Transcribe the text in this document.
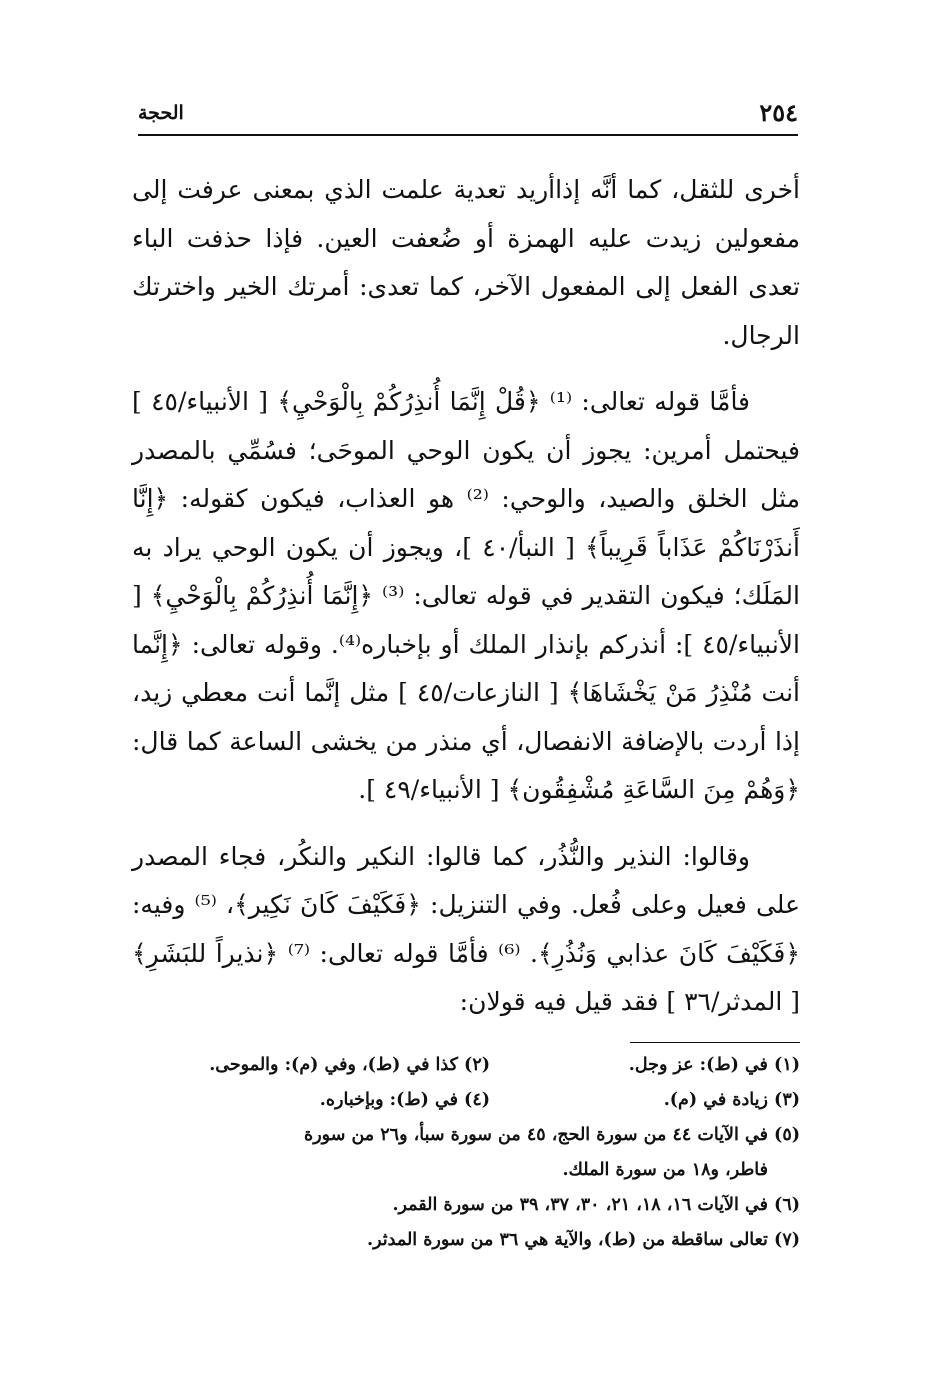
٢٥٤
الحجة

أخرى للثقل، كما أنَّه إذاأريد تعدية علمت الذي بمعنى عرفت إلى مفعولين زيدت عليه الهمزة أو ضُعفت العين. فإذا حذفت الباء تعدى الفعل إلى المفعول الآخر، كما تعدى: أمرتك الخير واخترتك الرجال.

فأمَّا قوله تعالى: ⁽¹⁾ ﴿قُلْ إِنَّمَا أُنذِرُكُمْ بِالْوَحْيِ﴾ [ الأنبياء/٤٥ ] فيحتمل أمرين: يجوز أن يكون الوحي الموحَى؛ فسُمِّي بالمصدر مثل الخلق والصيد، والوحي: ⁽²⁾ هو العذاب، فيكون كقوله: ﴿إِنَّا أَنذَرْنَاكُمْ عَذَاباً قَرِيباً﴾ [ النبأ/٤٠ ]، ويجوز أن يكون الوحي يراد به المَلَك؛ فيكون التقدير في قوله تعالى: ⁽³⁾ ﴿إِنَّمَا أُنذِرُكُمْ بِالْوَحْيِ﴾ [ الأنبياء/٤٥ ]: أنذركم بإنذار الملك أو بإخباره⁽⁴⁾. وقوله تعالى: ﴿إِنَّما أنت مُنْذِرُ مَنْ يَخْشَاهَا﴾ [ النازعات/٤٥ ] مثل إنَّما أنت معطي زيد، إذا أردت بالإضافة الانفصال، أي منذر من يخشى الساعة كما قال: ﴿وَهُمْ مِنَ السَّاعَةِ مُشْفِقُون﴾ [ الأنبياء/٤٩ ].

وقالوا: النذير والنُّذُر، كما قالوا: النكير والنكُر، فجاء المصدر على فعيل وعلى فُعل. وفي التنزيل: ﴿فَكَيْفَ كَانَ نَكِير﴾، ⁽⁵⁾ وفيه: ﴿فَكَيْفَ كَانَ عذابي وَنُذُرِ﴾. ⁽⁶⁾ فأمَّا قوله تعالى: ⁽⁷⁾ ﴿نذيراً للبَشَرِ﴾ [ المدثر/٣٦ ] فقد قيل فيه قولان:

(١) في (ط): عز وجل.
(٢) كذا في (ط)، وفي (م): والموحى.
(٣) زيادة في (م).
(٤) في (ط): وبإخباره.
(٥) في الآيات ٤٤ من سورة الحج، ٤٥ من سورة سبأ، و٢٦ من سورة
فاطر، و١٨ من سورة الملك.
(٦) في الآيات ١٦، ١٨، ٢١، ٣٠، ٣٧، ٣٩ من سورة القمر.
(٧) تعالى ساقطة من (ط)، والآية هي ٣٦ من سورة المدثر.
